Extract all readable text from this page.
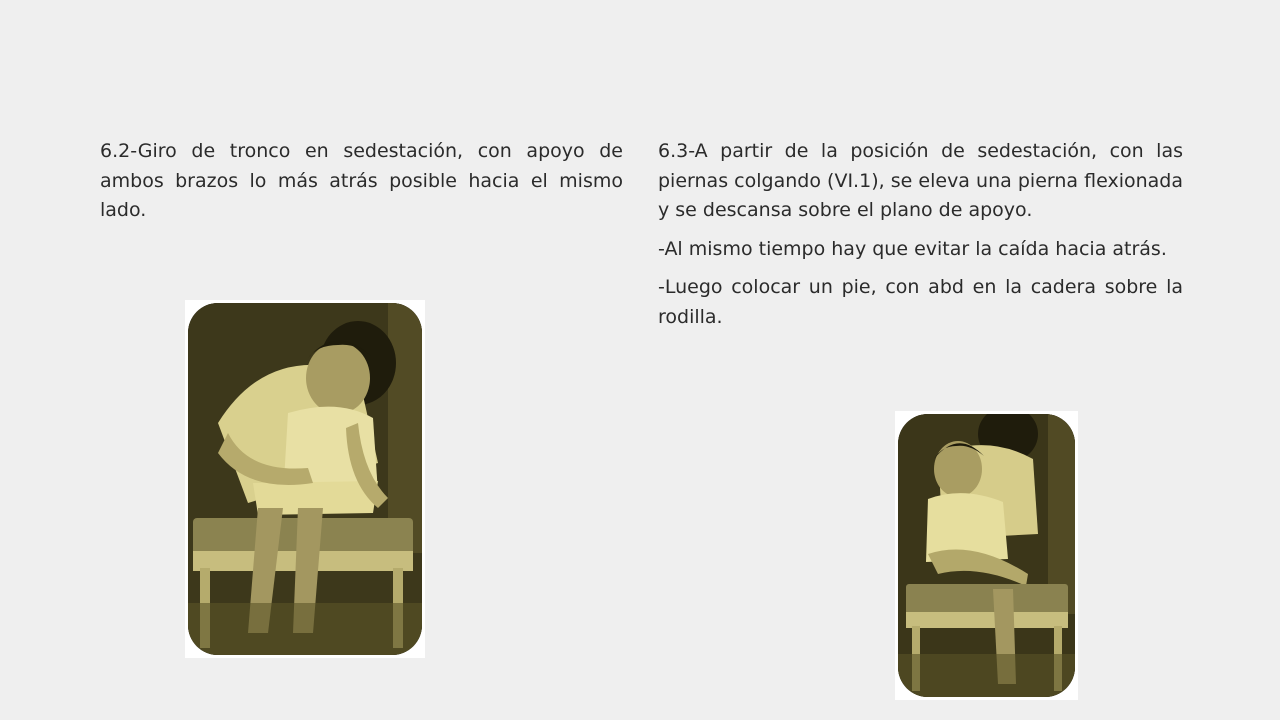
6.2-Giro de tronco en sedestación, con apoyo de ambos brazos lo más atrás posible hacia el mismo lado.

6.3-A partir de la posición de sedestación, con las piernas colgando (VI.1), se eleva una pierna flexionada y se descansa sobre el plano de apoyo.

-Al mismo tiempo hay que evitar la caída hacia atrás.

-Luego colocar un pie, con abd en la cadera sobre la rodilla.
